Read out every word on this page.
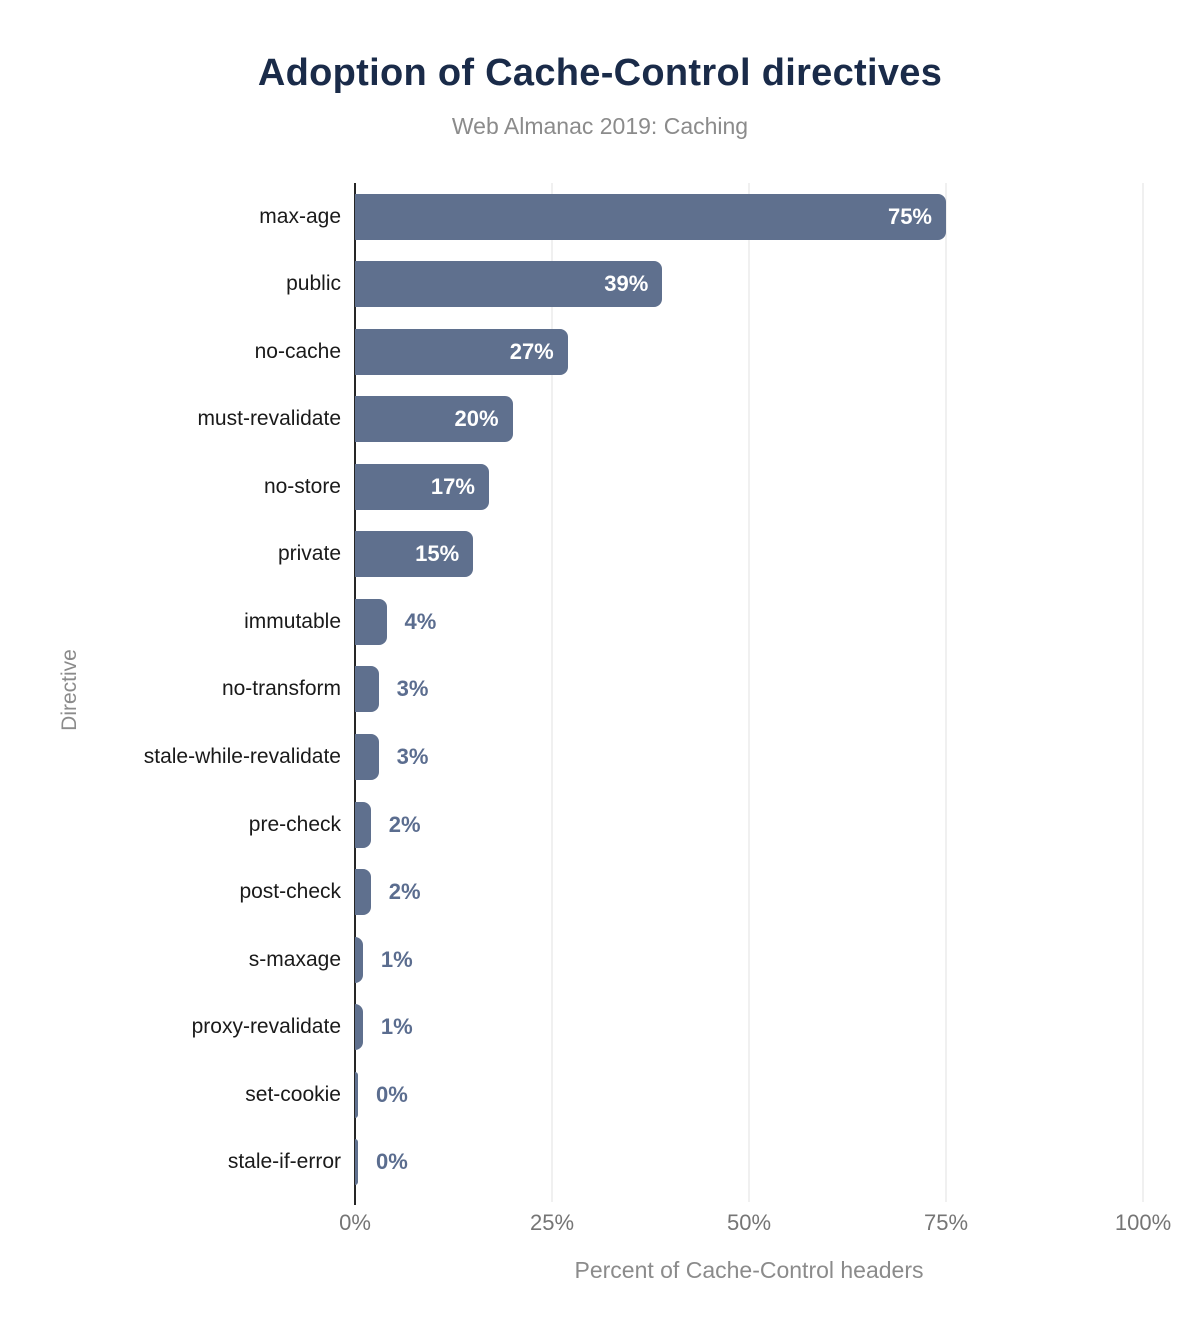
Adoption of Cache-Control directives
Web Almanac 2019: Caching
Directive
max-age	75%
public	39%
no-cache	27%
must-revalidate	20%
no-store	17%
private	15%
immutable	4%
no-transform	3%
stale-while-revalidate	3%
pre-check 2%
post-check 2%
s-maxage 1%
proxy-revalidate 1%
set-cookie 0%
stale-if-error 0%
0%	25%	50%	75%	100%
Percent of Cache-Control headers
